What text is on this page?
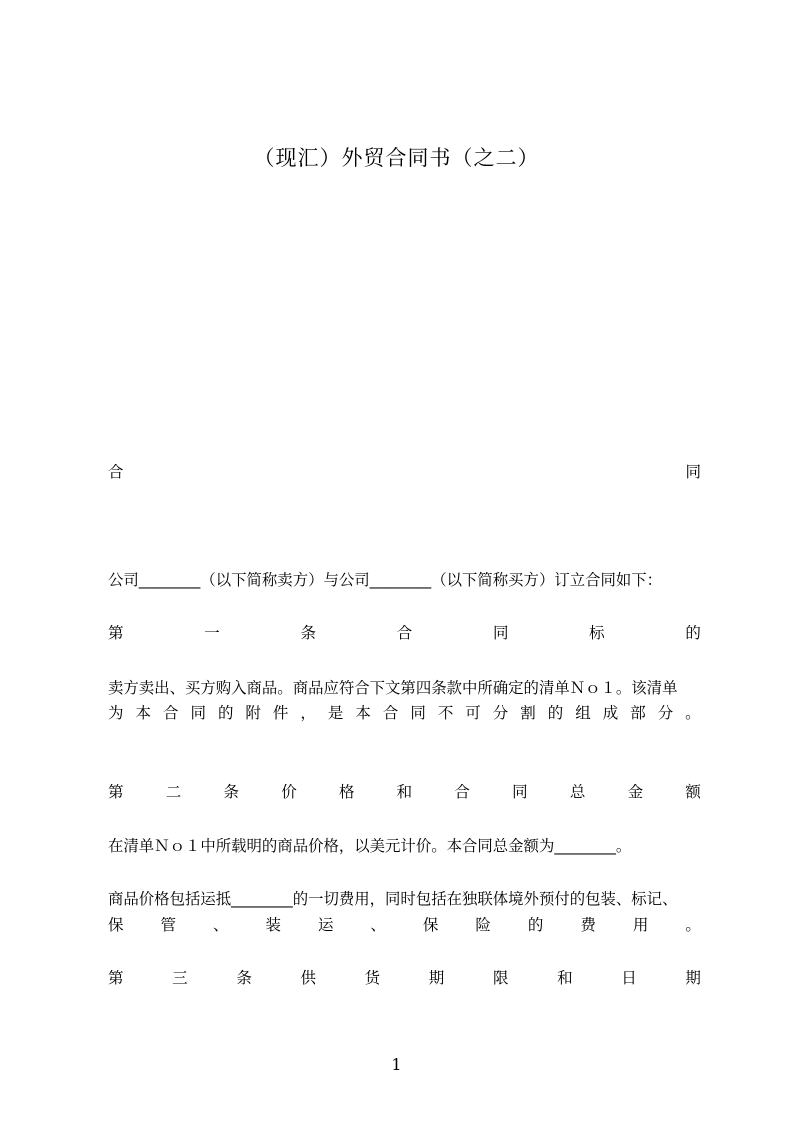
（现汇）外贸合同书（之二）
合	同
公司________（以下简称卖方）与公司________（以下简称买方）订立合同如下：
第	一	条	合	同	标	的
卖方卖出、买方购入商品。商品应符合下文第四条款中所确定的清单Ｎｏ１。该清单
为 本 合 同 的 附 件 ， 是 本 合 同 不 可 分 割 的 组 成 部 分 。
第	二	条	价	格	和	合	同	总	金	额
在清单Ｎｏ１中所载明的商品价格，以美元计价。本合同总金额为________。
商品价格包括运抵________的一切费用，同时包括在独联体境外预付的包装、标记、
保 管 、 装 运 、 保 险 的 费 用 。
第	三	条	供	货	期	限	和	日	期
1
